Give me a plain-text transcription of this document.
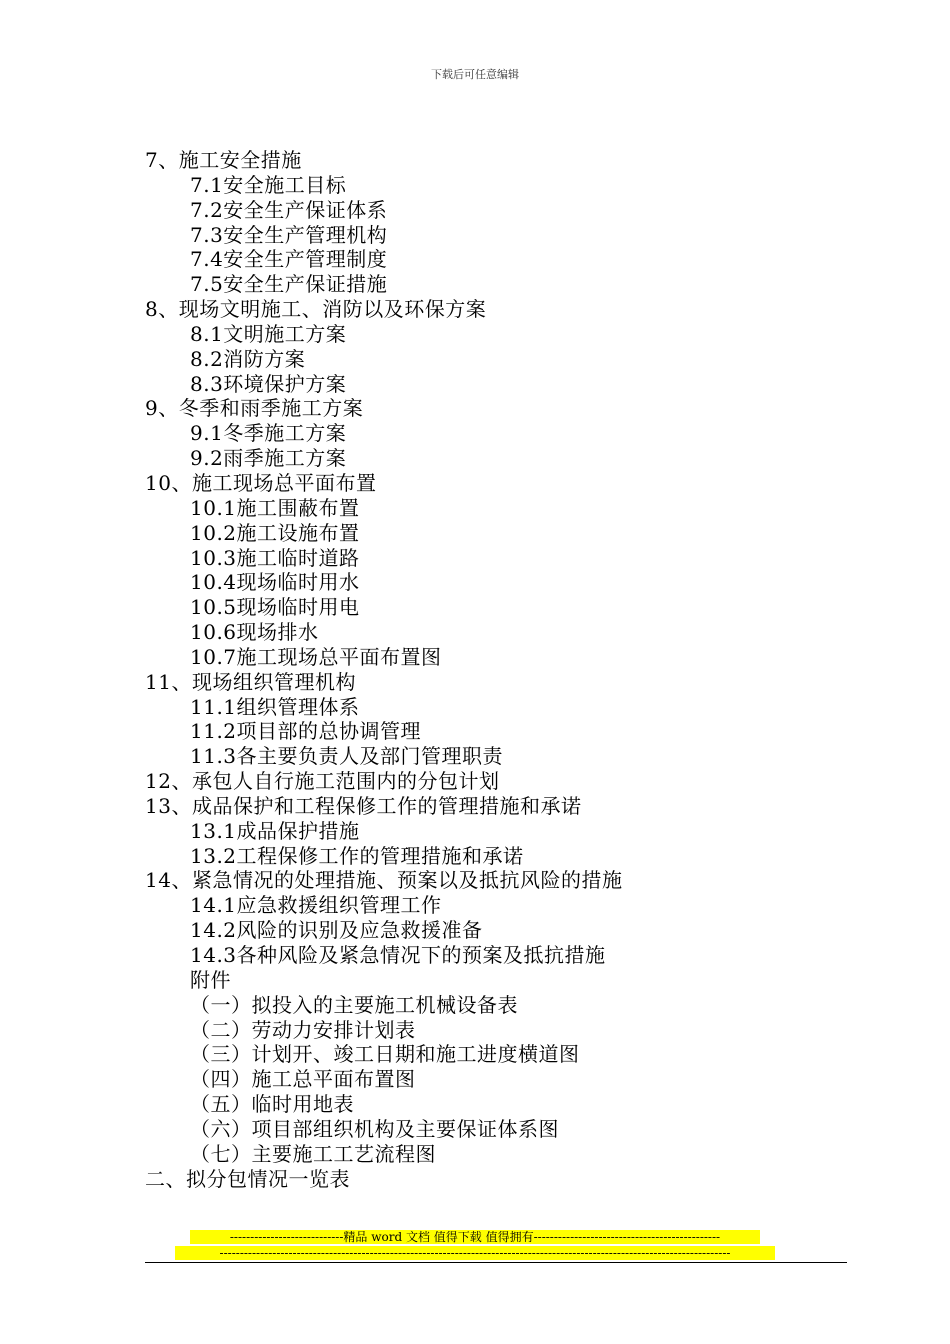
下载后可任意编辑
7、施工安全措施
7.1安全施工目标
7.2安全生产保证体系
7.3安全生产管理机构
7.4安全生产管理制度
7.5安全生产保证措施
8、现场文明施工、消防以及环保方案
8.1文明施工方案
8.2消防方案
8.3环境保护方案
9、冬季和雨季施工方案
9.1冬季施工方案
9.2雨季施工方案
10、施工现场总平面布置
10.1施工围蔽布置
10.2施工设施布置
10.3施工临时道路
10.4现场临时用水
10.5现场临时用电
10.6现场排水
10.7施工现场总平面布置图
11、现场组织管理机构
11.1组织管理体系
11.2项目部的总协调管理
11.3各主要负责人及部门管理职责
12、承包人自行施工范围内的分包计划
13、成品保护和工程保修工作的管理措施和承诺
13.1成品保护措施
13.2工程保修工作的管理措施和承诺
14、紧急情况的处理措施、预案以及抵抗风险的措施
14.1应急救援组织管理工作
14.2风险的识别及应急救援准备
14.3各种风险及紧急情况下的预案及抵抗措施
附件
（一）拟投入的主要施工机械设备表
（二）劳动力安排计划表
（三）计划开、竣工日期和施工进度横道图
（四）施工总平面布置图
（五）临时用地表
（六）项目部组织机构及主要保证体系图
（七）主要施工工艺流程图
二、拟分包情况一览表
----------------------------精品 word 文档 值得下载 值得拥有----------------------------------------------
------------------------------------------------------------------------------------------------------------------------------
